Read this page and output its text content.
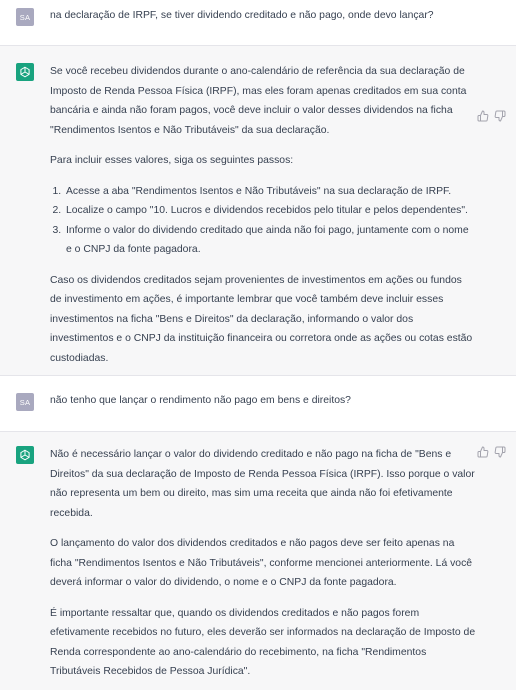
SA na declaração de IRPF, se tiver dividendo creditado e não pago, onde devo lançar?

Se você recebeu dividendos durante o ano-calendário de referência da sua declaração de Imposto de Renda Pessoa Física (IRPF), mas eles foram apenas creditados em sua conta bancária e ainda não foram pagos, você deve incluir o valor desses dividendos na ficha "Rendimentos Isentos e Não Tributáveis" da sua declaração.

Para incluir esses valores, siga os seguintes passos:

1. Acesse a aba "Rendimentos Isentos e Não Tributáveis" na sua declaração de IRPF.
2. Localize o campo "10. Lucros e dividendos recebidos pelo titular e pelos dependentes".
3. Informe o valor do dividendo creditado que ainda não foi pago, juntamente com o nome e o CNPJ da fonte pagadora.

Caso os dividendos creditados sejam provenientes de investimentos em ações ou fundos de investimento em ações, é importante lembrar que você também deve incluir esses investimentos na ficha "Bens e Direitos" da declaração, informando o valor dos investimentos e o CNPJ da instituição financeira ou corretora onde as ações ou cotas estão custodiadas.

SA não tenho que lançar o rendimento não pago em bens e direitos?

Não é necessário lançar o valor do dividendo creditado e não pago na ficha de "Bens e Direitos" da sua declaração de Imposto de Renda Pessoa Física (IRPF). Isso porque o valor não representa um bem ou direito, mas sim uma receita que ainda não foi efetivamente recebida.

O lançamento do valor dos dividendos creditados e não pagos deve ser feito apenas na ficha "Rendimentos Isentos e Não Tributáveis", conforme mencionei anteriormente. Lá você deverá informar o valor do dividendo, o nome e o CNPJ da fonte pagadora.

É importante ressaltar que, quando os dividendos creditados e não pagos forem efetivamente recebidos no futuro, eles deverão ser informados na declaração de Imposto de Renda correspondente ao ano-calendário do recebimento, na ficha "Rendimentos Tributáveis Recebidos de Pessoa Jurídica".
